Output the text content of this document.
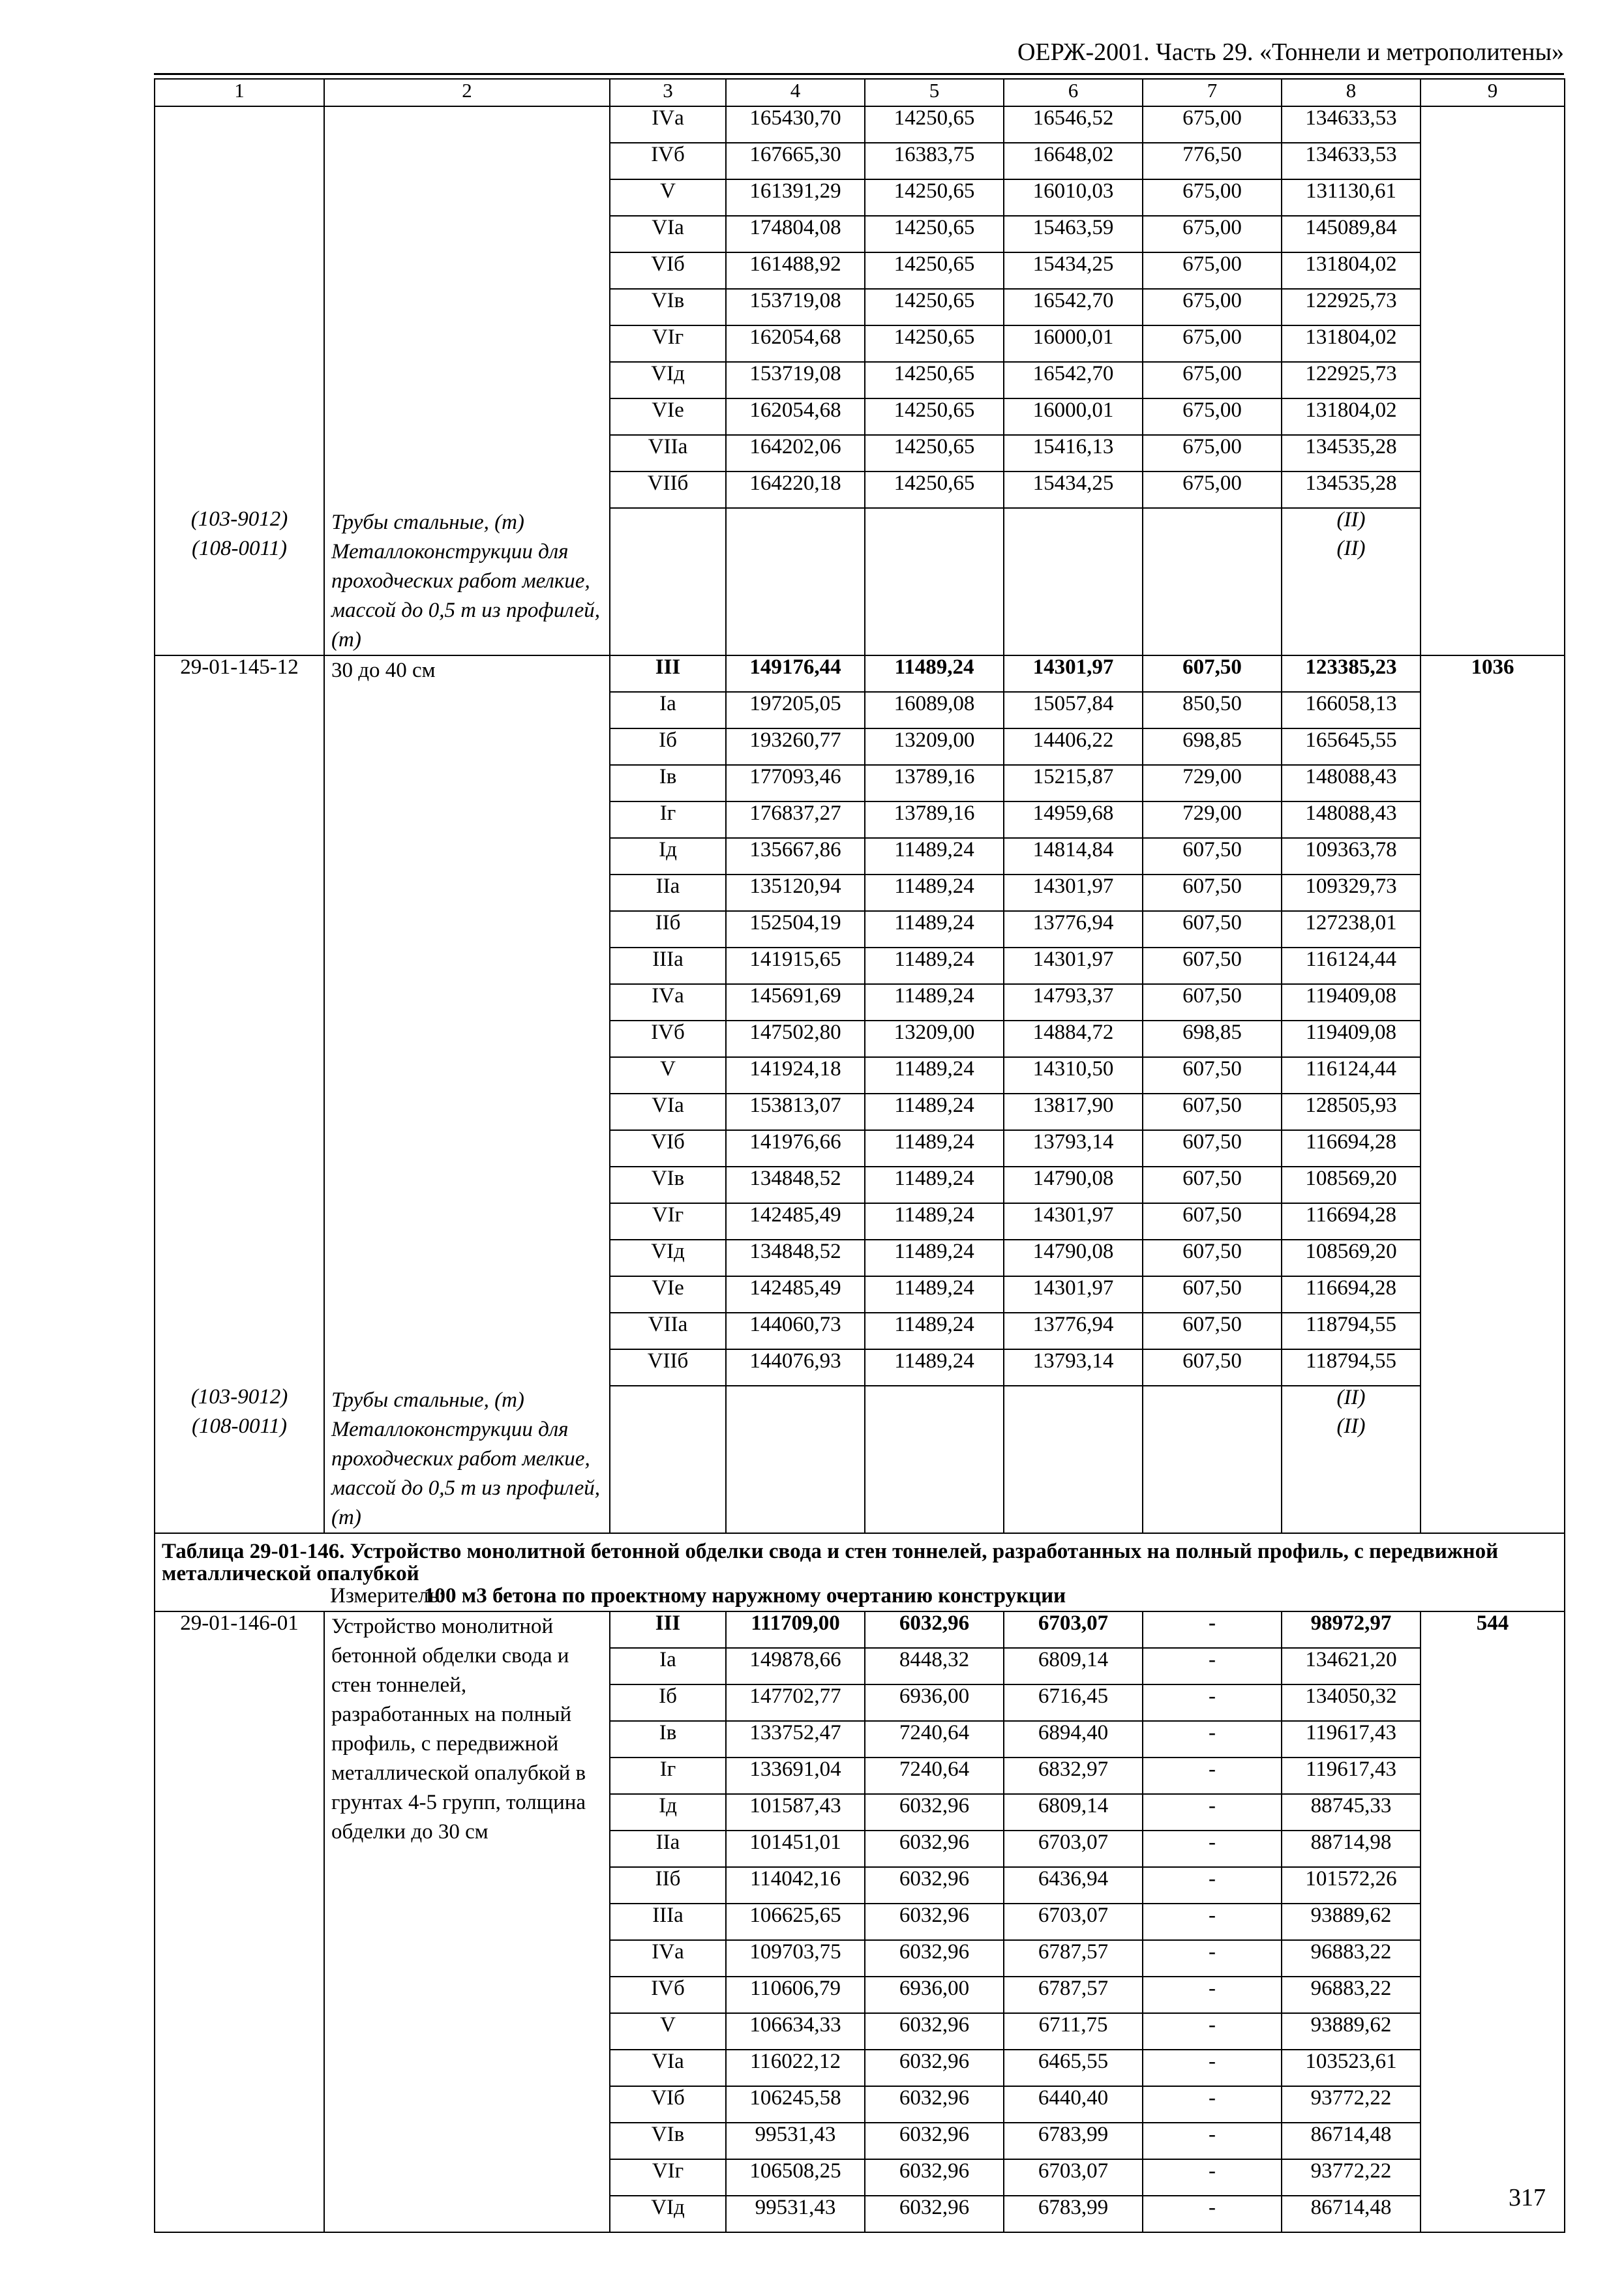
ОЕРЖ-2001. Часть 29. «Тоннели и метрополитены»
1	2	3	4	5	6	7	8	9
		IVа	165430,70	14250,65	16546,52	675,00	134633,53	
		IVб	167665,30	16383,75	16648,02	776,50	134633,53	
		V	161391,29	14250,65	16010,03	675,00	131130,61	
		VIа	174804,08	14250,65	15463,59	675,00	145089,84	
		VIб	161488,92	14250,65	15434,25	675,00	131804,02	
		VIв	153719,08	14250,65	16542,70	675,00	122925,73	
		VIг	162054,68	14250,65	16000,01	675,00	131804,02	
		VIд	153719,08	14250,65	16542,70	675,00	122925,73	
		VIе	162054,68	14250,65	16000,01	675,00	131804,02	
		VIIа	164202,06	14250,65	15416,13	675,00	134535,28	
		VIIб	164220,18	14250,65	15434,25	675,00	134535,28	
(103-9012)	Трубы стальные, (т)						(II)	
(108-0011)	Металлоконструкции для проходческих работ мелкие, массой до 0,5 т из профилей, (т)						(II)	
29-01-145-12	30 до 40 см	III	149176,44	11489,24	14301,97	607,50	123385,23	1036
		Iа	197205,05	16089,08	15057,84	850,50	166058,13	
		Iб	193260,77	13209,00	14406,22	698,85	165645,55	
		Iв	177093,46	13789,16	15215,87	729,00	148088,43	
		Iг	176837,27	13789,16	14959,68	729,00	148088,43	
		Iд	135667,86	11489,24	14814,84	607,50	109363,78	
		IIа	135120,94	11489,24	14301,97	607,50	109329,73	
		IIб	152504,19	11489,24	13776,94	607,50	127238,01	
		IIIа	141915,65	11489,24	14301,97	607,50	116124,44	
		IVа	145691,69	11489,24	14793,37	607,50	119409,08	
		IVб	147502,80	13209,00	14884,72	698,85	119409,08	
		V	141924,18	11489,24	14310,50	607,50	116124,44	
		VIа	153813,07	11489,24	13817,90	607,50	128505,93	
		VIб	141976,66	11489,24	13793,14	607,50	116694,28	
		VIв	134848,52	11489,24	14790,08	607,50	108569,20	
		VIг	142485,49	11489,24	14301,97	607,50	116694,28	
		VIд	134848,52	11489,24	14790,08	607,50	108569,20	
		VIе	142485,49	11489,24	14301,97	607,50	116694,28	
		VIIа	144060,73	11489,24	13776,94	607,50	118794,55	
		VIIб	144076,93	11489,24	13793,14	607,50	118794,55	
(103-9012)	Трубы стальные, (т)						(II)	
(108-0011)	Металлоконструкции для проходческих работ мелкие, массой до 0,5 т из профилей, (т)						(II)	
Таблица 29-01-146. Устройство монолитной бетонной обделки свода и стен тоннелей, разработанных на полный профиль, с передвижной металлической опалубкой								
Измеритель:100 м3 бетона по проектному наружному очертанию конструкции								
29-01-146-01	Устройство монолитной бетонной обделки свода и стен тоннелей, разработанных на полный профиль, с передвижной металлической опалубкой в грунтах 4-5 групп, толщина обделки до 30 см	III	111709,00	6032,96	6703,07	-	98972,97	544
		Iа	149878,66	8448,32	6809,14	-	134621,20	
		Iб	147702,77	6936,00	6716,45	-	134050,32	
		Iв	133752,47	7240,64	6894,40	-	119617,43	
		Iг	133691,04	7240,64	6832,97	-	119617,43	
		Iд	101587,43	6032,96	6809,14	-	88745,33	
		IIа	101451,01	6032,96	6703,07	-	88714,98	
		IIб	114042,16	6032,96	6436,94	-	101572,26	
		IIIа	106625,65	6032,96	6703,07	-	93889,62	
		IVа	109703,75	6032,96	6787,57	-	96883,22	
		IVб	110606,79	6936,00	6787,57	-	96883,22	
		V	106634,33	6032,96	6711,75	-	93889,62	
		VIа	116022,12	6032,96	6465,55	-	103523,61	
		VIб	106245,58	6032,96	6440,40	-	93772,22	
		VIв	99531,43	6032,96	6783,99	-	86714,48	
		VIг	106508,25	6032,96	6703,07	-	93772,22	
		VIд	99531,43	6032,96	6783,99	-	86714,48		317
